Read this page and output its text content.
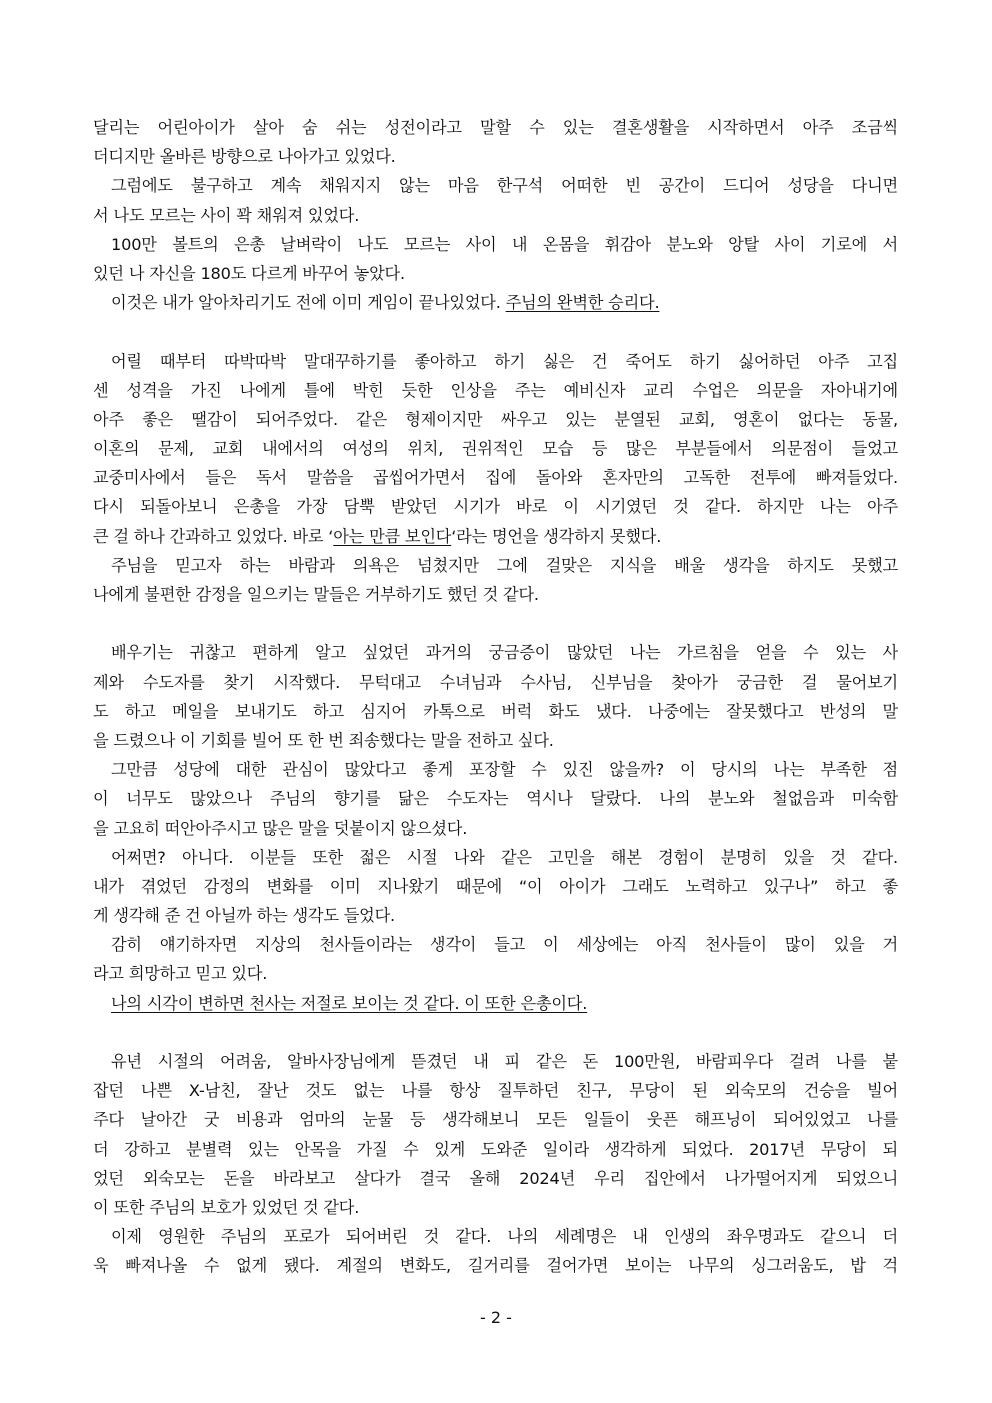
달리는 어린아이가 살아 숨 쉬는 성전이라고 말할 수 있는 결혼생활을 시작하면서 아주 조금씩
더디지만 올바른 방향으로 나아가고 있었다.
그럼에도 불구하고 계속 채워지지 않는 마음 한구석 어떠한 빈 공간이 드디어 성당을 다니면
서 나도 모르는 사이 꽉 채워져 있었다.
100만 볼트의 은총 날벼락이 나도 모르는 사이 내 온몸을 휘감아 분노와 앙탈 사이 기로에 서
있던 나 자신을 180도 다르게 바꾸어 놓았다.
이것은 내가 알아차리기도 전에 이미 게임이 끝나있었다. 주님의 완벽한 승리다.
어릴 때부터 따박따박 말대꾸하기를 좋아하고 하기 싫은 건 죽어도 하기 싫어하던 아주 고집
센 성격을 가진 나에게 틀에 박힌 듯한 인상을 주는 예비신자 교리 수업은 의문을 자아내기에
아주 좋은 땔감이 되어주었다. 같은 형제이지만 싸우고 있는 분열된 교회, 영혼이 없다는 동물,
이혼의 문제, 교회 내에서의 여성의 위치, 권위적인 모습 등 많은 부분들에서 의문점이 들었고
교중미사에서 들은 독서 말씀을 곱씹어가면서 집에 돌아와 혼자만의 고독한 전투에 빠져들었다.
다시 되돌아보니 은총을 가장 담뿍 받았던 시기가 바로 이 시기였던 것 같다. 하지만 나는 아주
큰 걸 하나 간과하고 있었다. 바로 ‘아는 만큼 보인다‘라는 명언을 생각하지 못했다.
주님을 믿고자 하는 바람과 의욕은 넘쳤지만 그에 걸맞은 지식을 배울 생각을 하지도 못했고
나에게 불편한 감정을 일으키는 말들은 거부하기도 했던 것 같다.
배우기는 귀찮고 편하게 알고 싶었던 과거의 궁금증이 많았던 나는 가르침을 얻을 수 있는 사
제와 수도자를 찾기 시작했다. 무턱대고 수녀님과 수사님, 신부님을 찾아가 궁금한 걸 물어보기
도 하고 메일을 보내기도 하고 심지어 카톡으로 버럭 화도 냈다. 나중에는 잘못했다고 반성의 말
을 드렸으나 이 기회를 빌어 또 한 번 죄송했다는 말을 전하고 싶다.
그만큼 성당에 대한 관심이 많았다고 좋게 포장할 수 있진 않을까? 이 당시의 나는 부족한 점
이 너무도 많았으나 주님의 향기를 닮은 수도자는 역시나 달랐다. 나의 분노와 철없음과 미숙함
을 고요히 떠안아주시고 많은 말을 덧붙이지 않으셨다.
어쩌면? 아니다. 이분들 또한 젊은 시절 나와 같은 고민을 해본 경험이 분명히 있을 것 같다.
내가 겪었던 감정의 변화를 이미 지나왔기 때문에 “이 아이가 그래도 노력하고 있구나” 하고 좋
게 생각해 준 건 아닐까 하는 생각도 들었다.
감히 얘기하자면 지상의 천사들이라는 생각이 들고 이 세상에는 아직 천사들이 많이 있을 거
라고 희망하고 믿고 있다.
나의 시각이 변하면 천사는 저절로 보이는 것 같다. 이 또한 은총이다.
유년 시절의 어려움, 알바사장님에게 뜯겼던 내 피 같은 돈 100만원, 바람피우다 걸려 나를 붙
잡던 나쁜 X-남친, 잘난 것도 없는 나를 항상 질투하던 친구, 무당이 된 외숙모의 건승을 빌어
주다 날아간 굿 비용과 엄마의 눈물 등 생각해보니 모든 일들이 웃픈 해프닝이 되어있었고 나를
더 강하고 분별력 있는 안목을 가질 수 있게 도와준 일이라 생각하게 되었다. 2017년 무당이 되
었던 외숙모는 돈을 바라보고 살다가 결국 올해 2024년 우리 집안에서 나가떨어지게 되었으니
이 또한 주님의 보호가 있었던 것 같다.
이제 영원한 주님의 포로가 되어버린 것 같다. 나의 세례명은 내 인생의 좌우명과도 같으니 더
욱 빠져나올 수 없게 됐다. 계절의 변화도, 길거리를 걸어가면 보이는 나무의 싱그러움도, 밥 걱
- 2 -
